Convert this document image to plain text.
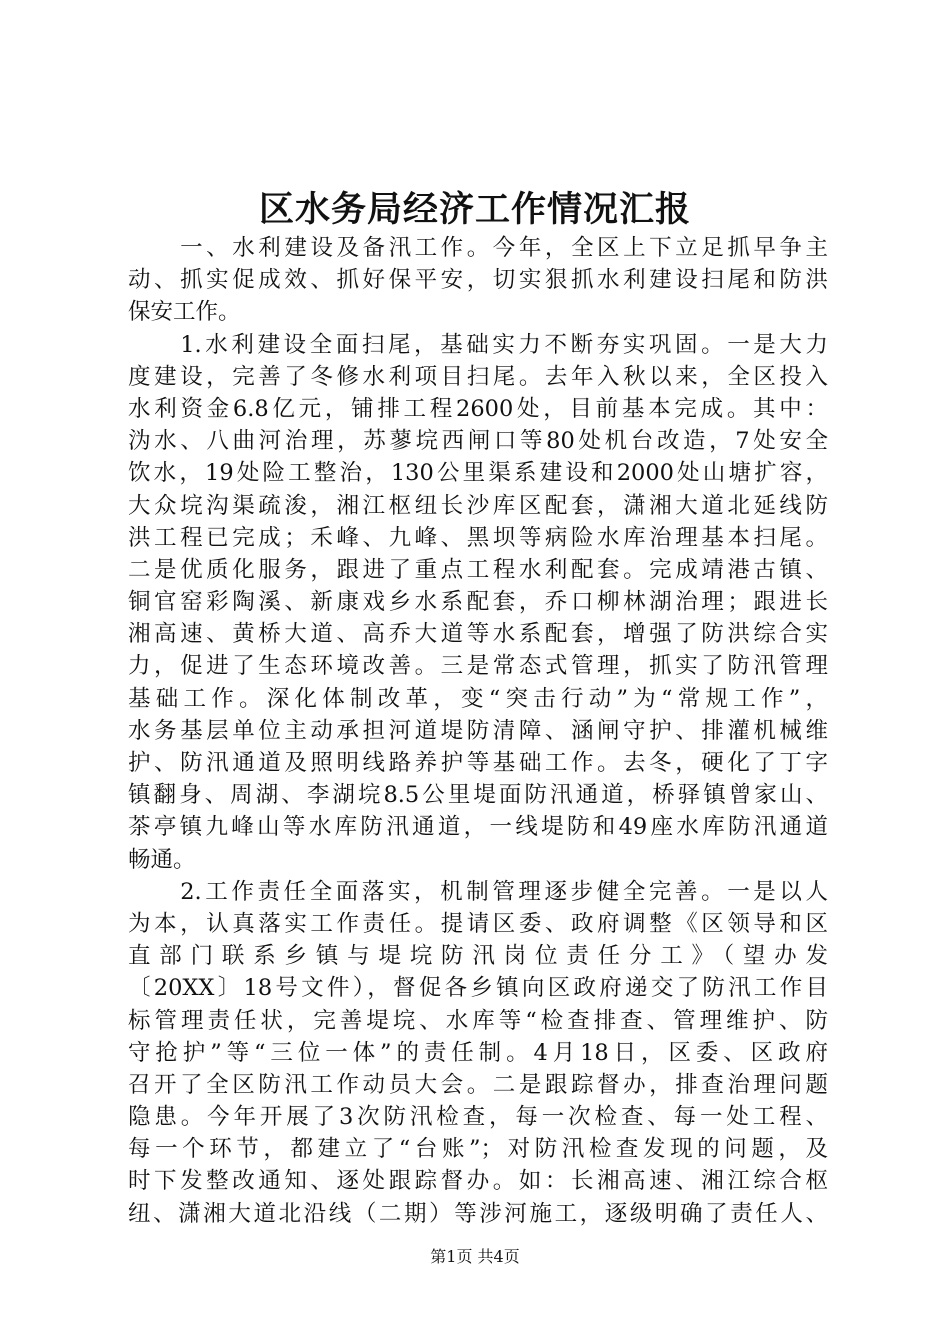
区水务局经济工作情况汇报
　　一、水利建设及备汛工作。今年，全区上下立足抓早争主
动、抓实促成效、抓好保平安，切实狠抓水利建设扫尾和防洪
保安工作。
　　1.水利建设全面扫尾，基础实力不断夯实巩固。一是大力
度建设，完善了冬修水利项目扫尾。去年入秋以来，全区投入
水利资金6.8亿元，铺排工程2600处，目前基本完成。其中：
沩水、八曲河治理，苏蓼垸西闸口等80处机台改造，7处安全
饮水，19处险工整治，130公里渠系建设和2000处山塘扩容，
大众垸沟渠疏浚，湘江枢纽长沙库区配套，潇湘大道北延线防
洪工程已完成；禾峰、九峰、黑坝等病险水库治理基本扫尾。
二是优质化服务，跟进了重点工程水利配套。完成靖港古镇、
铜官窑彩陶溪、新康戏乡水系配套，乔口柳林湖治理；跟进长
湘高速、黄桥大道、高乔大道等水系配套，增强了防洪综合实
力，促进了生态环境改善。三是常态式管理，抓实了防汛管理
基础工作。深化体制改革，变“突击行动”为“常规工作”，
水务基层单位主动承担河道堤防清障、涵闸守护、排灌机械维
护、防汛通道及照明线路养护等基础工作。去冬，硬化了丁字
镇翻身、周湖、李湖垸8.5公里堤面防汛通道，桥驿镇曾家山、
茶亭镇九峰山等水库防汛通道，一线堤防和49座水库防汛通道
畅通。
　　2.工作责任全面落实，机制管理逐步健全完善。一是以人
为本，认真落实工作责任。提请区委、政府调整《区领导和区
直部门联系乡镇与堤垸防汛岗位责任分工》（望办发
〔20XX〕18号文件），督促各乡镇向区政府递交了防汛工作目
标管理责任状，完善堤垸、水库等“检查排查、管理维护、防
守抢护”等“三位一体”的责任制。4月18日，区委、区政府
召开了全区防汛工作动员大会。二是跟踪督办，排查治理问题
隐患。今年开展了3次防汛检查，每一次检查、每一处工程、
每一个环节，都建立了“台账”；对防汛检查发现的问题，及
时下发整改通知、逐处跟踪督办。如：长湘高速、湘江综合枢
纽、潇湘大道北沿线（二期）等涉河施工，逐级明确了责任人、
第1页 共4页
